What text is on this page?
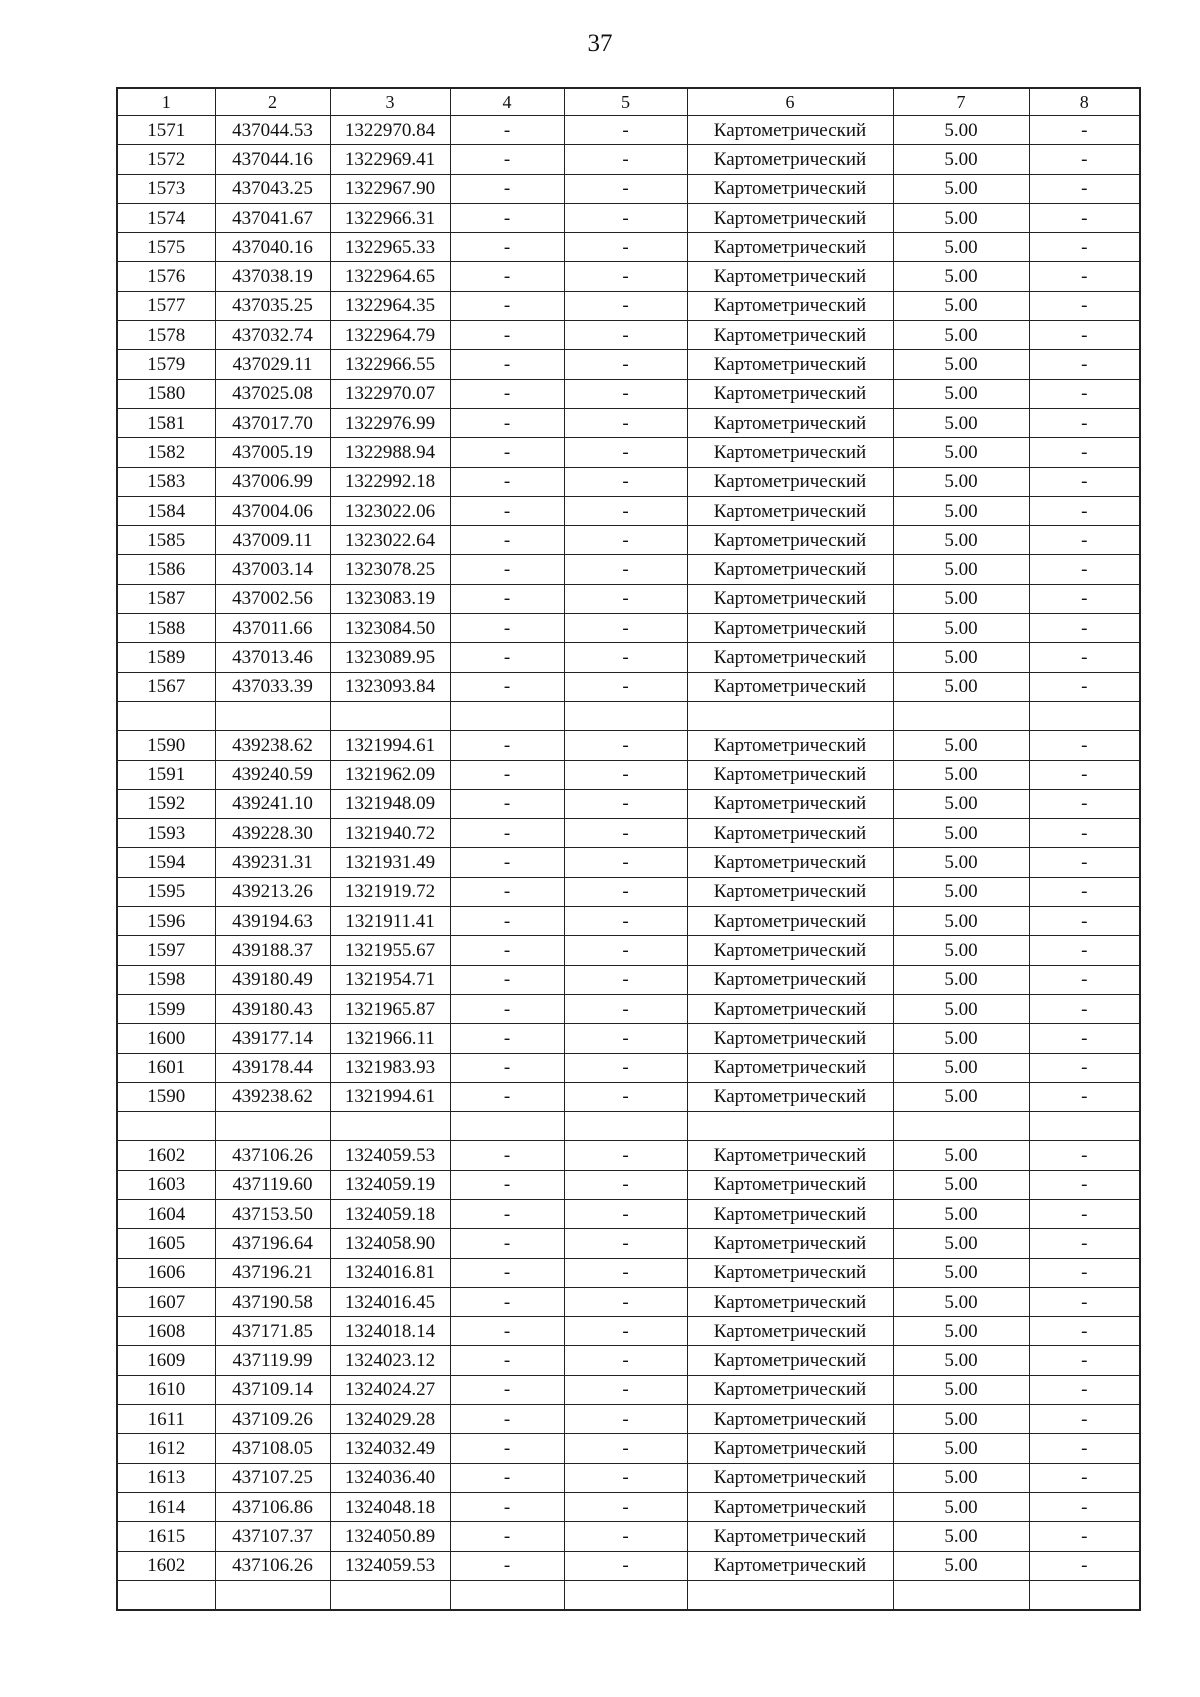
37
1	2	3	4	5	6	7	8
1571	437044.53	1322970.84	-	-	Картометрический	5.00	-
1572	437044.16	1322969.41	-	-	Картометрический	5.00	-
1573	437043.25	1322967.90	-	-	Картометрический	5.00	-
1574	437041.67	1322966.31	-	-	Картометрический	5.00	-
1575	437040.16	1322965.33	-	-	Картометрический	5.00	-
1576	437038.19	1322964.65	-	-	Картометрический	5.00	-
1577	437035.25	1322964.35	-	-	Картометрический	5.00	-
1578	437032.74	1322964.79	-	-	Картометрический	5.00	-
1579	437029.11	1322966.55	-	-	Картометрический	5.00	-
1580	437025.08	1322970.07	-	-	Картометрический	5.00	-
1581	437017.70	1322976.99	-	-	Картометрический	5.00	-
1582	437005.19	1322988.94	-	-	Картометрический	5.00	-
1583	437006.99	1322992.18	-	-	Картометрический	5.00	-
1584	437004.06	1323022.06	-	-	Картометрический	5.00	-
1585	437009.11	1323022.64	-	-	Картометрический	5.00	-
1586	437003.14	1323078.25	-	-	Картометрический	5.00	-
1587	437002.56	1323083.19	-	-	Картометрический	5.00	-
1588	437011.66	1323084.50	-	-	Картометрический	5.00	-
1589	437013.46	1323089.95	-	-	Картометрический	5.00	-
1567	437033.39	1323093.84	-	-	Картометрический	5.00	-

1590	439238.62	1321994.61	-	-	Картометрический	5.00	-
1591	439240.59	1321962.09	-	-	Картометрический	5.00	-
1592	439241.10	1321948.09	-	-	Картометрический	5.00	-
1593	439228.30	1321940.72	-	-	Картометрический	5.00	-
1594	439231.31	1321931.49	-	-	Картометрический	5.00	-
1595	439213.26	1321919.72	-	-	Картометрический	5.00	-
1596	439194.63	1321911.41	-	-	Картометрический	5.00	-
1597	439188.37	1321955.67	-	-	Картометрический	5.00	-
1598	439180.49	1321954.71	-	-	Картометрический	5.00	-
1599	439180.43	1321965.87	-	-	Картометрический	5.00	-
1600	439177.14	1321966.11	-	-	Картометрический	5.00	-
1601	439178.44	1321983.93	-	-	Картометрический	5.00	-
1590	439238.62	1321994.61	-	-	Картометрический	5.00	-

1602	437106.26	1324059.53	-	-	Картометрический	5.00	-
1603	437119.60	1324059.19	-	-	Картометрический	5.00	-
1604	437153.50	1324059.18	-	-	Картометрический	5.00	-
1605	437196.64	1324058.90	-	-	Картометрический	5.00	-
1606	437196.21	1324016.81	-	-	Картометрический	5.00	-
1607	437190.58	1324016.45	-	-	Картометрический	5.00	-
1608	437171.85	1324018.14	-	-	Картометрический	5.00	-
1609	437119.99	1324023.12	-	-	Картометрический	5.00	-
1610	437109.14	1324024.27	-	-	Картометрический	5.00	-
1611	437109.26	1324029.28	-	-	Картометрический	5.00	-
1612	437108.05	1324032.49	-	-	Картометрический	5.00	-
1613	437107.25	1324036.40	-	-	Картометрический	5.00	-
1614	437106.86	1324048.18	-	-	Картометрический	5.00	-
1615	437107.37	1324050.89	-	-	Картометрический	5.00	-
1602	437106.26	1324059.53	-	-	Картометрический	5.00	-
